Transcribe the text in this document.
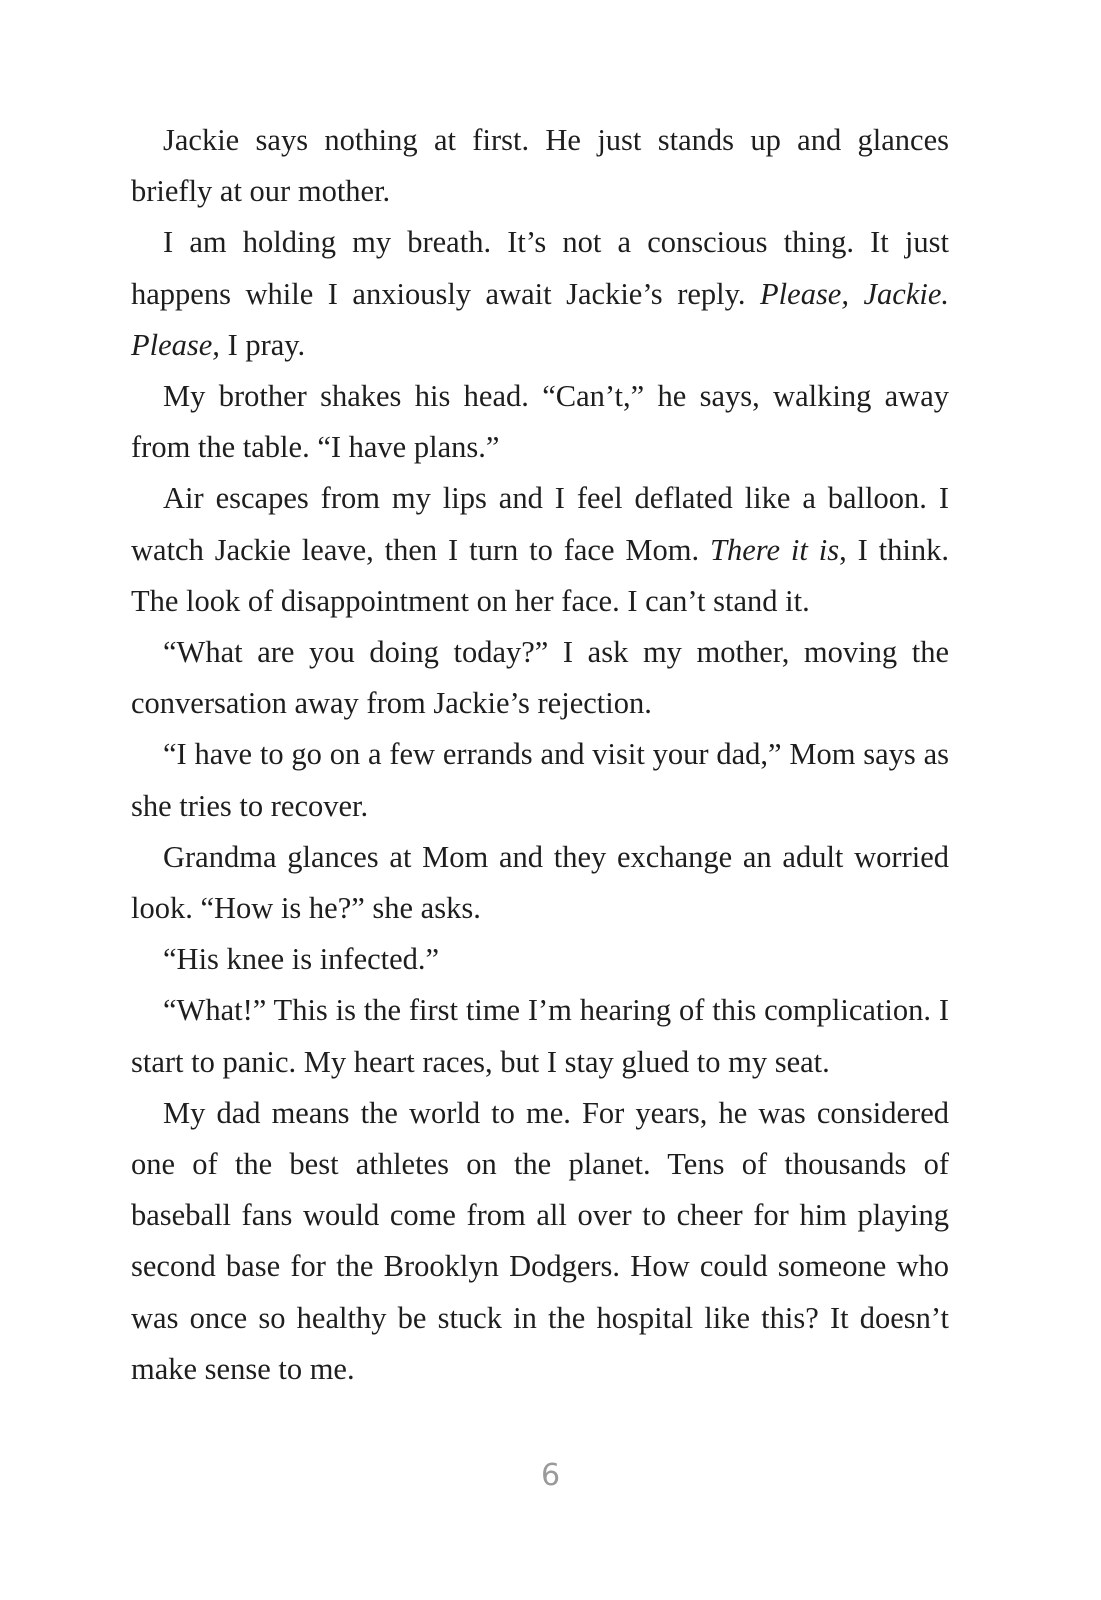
Jackie says nothing at first. He just stands up and glances briefly at our mother.

I am holding my breath. It’s not a conscious thing. It just happens while I anxiously await Jackie’s reply. Please, Jackie. Please, I pray.

My brother shakes his head. “Can’t,” he says, walking away from the table. “I have plans.”

Air escapes from my lips and I feel deflated like a balloon. I watch Jackie leave, then I turn to face Mom. There it is, I think. The look of disappointment on her face. I can’t stand it.

“What are you doing today?” I ask my mother, moving the conversation away from Jackie’s rejection.

“I have to go on a few errands and visit your dad,” Mom says as she tries to recover.

Grandma glances at Mom and they exchange an adult worried look. “How is he?” she asks.

“His knee is infected.”

“What!” This is the first time I’m hearing of this complication. I start to panic. My heart races, but I stay glued to my seat.

My dad means the world to me. For years, he was considered one of the best athletes on the planet. Tens of thousands of baseball fans would come from all over to cheer for him playing second base for the Brooklyn Dodgers. How could someone who was once so healthy be stuck in the hospital like this? It doesn’t make sense to me.

6
